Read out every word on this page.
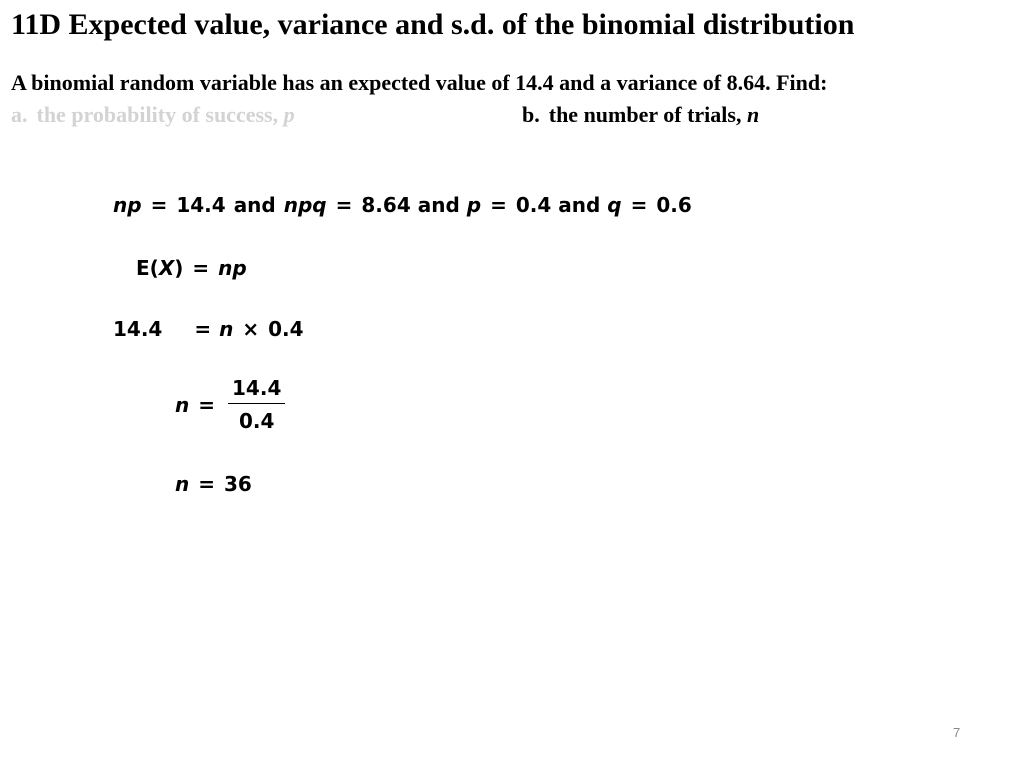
11D Expected value, variance and s.d. of the binomial distribution
A binomial random variable has an expected value of 14.4 and a variance of 8.64. Find:
a. the probability of success, p	b. the number of trials, n
np = 14.4 and npq = 8.64 and p = 0.4 and q = 0.6
E(X) = np
14.4 = n × 0.4
$n = \frac{14.4}{0.4}$
n = 36
7
